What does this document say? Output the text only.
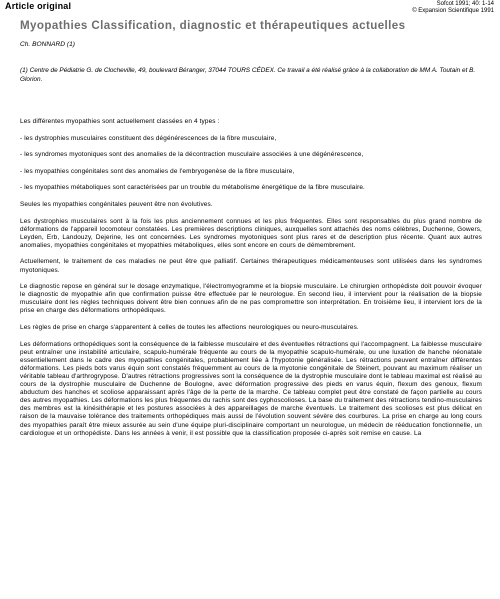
Article original	Sofcot 1991; 40: 1-14
© Expansion Scientifique 1991
Myopathies Classification, diagnostic et thérapeutiques actuelles
Ch. BONNARD (1)
(1) Centre de Pédiatrie G. de Clocheville, 49, boulevard Béranger, 37044 TOURS CÉDEX. Ce travail a été réalisé grâce à la collaboration de MM A. Toutain et B. Glorion.

Les différentes myopathies sont actuellement classées en 4 types :

- les dystrophies musculaires constituent des dégénérescences de la fibre musculaire,

- les syndromes myotoniques sont des anomalies de la décontraction musculaire associées à une dégénérescence,

- les myopathies congénitales sont des anomalies de l'embryogenèse de la fibre musculaire,

- les myopathies métaboliques sont caractérisées par un trouble du métabolisme énergétique de la fibre musculaire.

Seules les myopathies congénitales peuvent être non évolutives.

Les dystrophies musculaires sont à la fois les plus anciennement connues et les plus fréquentes. Elles sont responsables du plus grand nombre de déformations de l'appareil locomoteur constatées. Les premières descriptions cliniques, auxquelles sont attachés des noms célèbres, Duchenne, Gowers, Leyden, Erb, Landouzy, Dejerine, les ont concernées. Les syndromes myotoniques sont plus rares et de description plus récente. Quant aux autres anomalies, myopathies congénitales et myopathies métaboliques, elles sont encore en cours de démembrement.

Actuellement, le traitement de ces maladies ne peut être que palliatif. Certaines thérapeutiques médicamenteuses sont utilisées dans les syndromes myotoniques.

Le diagnostic repose en général sur le dosage enzymatique, l'électromyogramme et la biopsie musculaire. Le chirurgien orthopédiste doit pouvoir évoquer le diagnostic de myopathie afin que confirmation puisse être effectuée par le neurologue. En second lieu, il intervient pour la réalisation de la biopsie musculaire dont les règles techniques doivent être bien connues afin de ne pas compromettre son interprétation. En troisième lieu, il intervient lors de la prise en charge des déformations orthopédiques.

Les règles de prise en charge s'apparentent à celles de toutes les affections neurologiques ou neuro-musculaires.

Les déformations orthopédiques sont la conséquence de la faiblesse musculaire et des éventuelles rétractions qui l'accompagnent. La faiblesse musculaire peut entraîner une instabilité articulaire, scapulo-humérale fréquente au cours de la myopathie scapulo-humérale, ou une luxation de hanche néonatale essentiellement dans le cadre des myopathies congénitales, probablement liée à l'hypotonie généralisée. Les rétractions peuvent entraîner différentes déformations. Les pieds bots varus équin sont constatés fréquemment au cours de la myotonie congénitale de Steinert, pouvant au maximum réaliser un véritable tableau d'arthrogrypose. D'autres rétractions progressives sont la conséquence de la dystrophie musculaire dont le tableau maximal est réalisé au cours de la dystrophie musculaire de Duchenne de Boulogne, avec déformation progressive des pieds en varus équin, flexum des genoux, flexum abductum des hanches et scoliose apparaissant après l'âge de la perte de la marche. Ce tableau complet peut être constaté de façon partielle au cours des autres myopathies. Les déformations les plus fréquentes du rachis sont des cyphoscolioses. La base du traitement des rétractions tendino-musculaires des membres est la kinésithérapie et les postures associées à des appareillages de marche éventuels. Le traitement des scolioses est plus délicat en raison de la mauvaise tolérance des traitements orthopédiques mais aussi de l'évolution souvent sévère des courbures. La prise en charge au long cours des myopathies paraît être mieux assurée au sein d'une équipe pluri-disciplinaire comportant un neurologue, un médecin de rééducation fonctionnelle, un cardiologue et un orthopédiste. Dans les années à venir, il est possible que la classification proposée ci-après soit remise en cause. La
